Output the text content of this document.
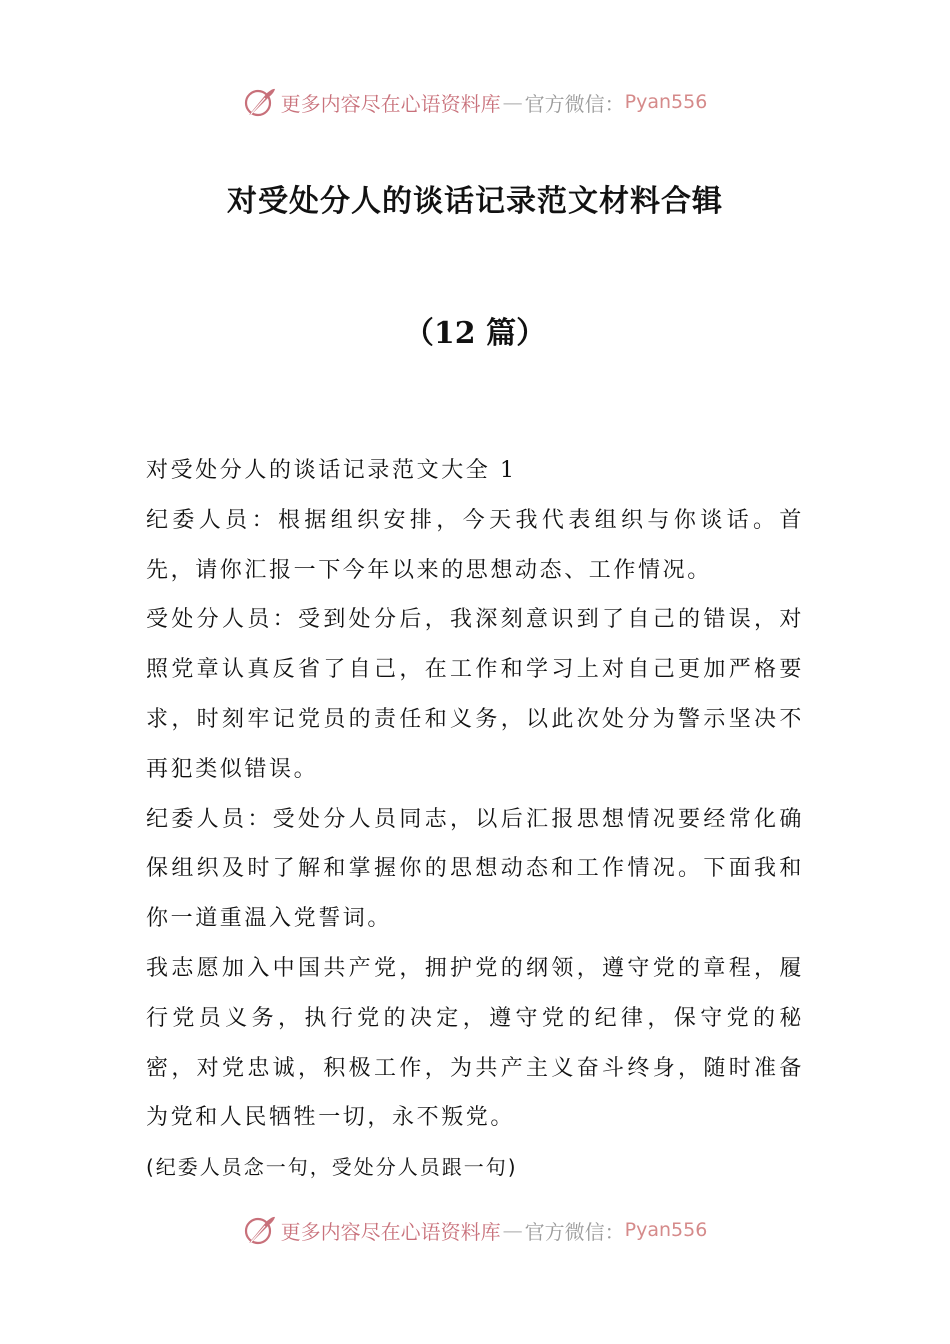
更多内容尽在心语资料库 — 官方微信： Pyan556
对受处分人的谈话记录范文材料合辑
（12 篇）

对受处分人的谈话记录范文大全 1

纪委人员：根据组织安排，今天我代表组织与你谈话。首先，请你汇报一下今年以来的思想动态、工作情况。

受处分人员：受到处分后，我深刻意识到了自己的错误，对照党章认真反省了自己，在工作和学习上对自己更加严格要求，时刻牢记党员的责任和义务，以此次处分为警示坚决不再犯类似错误。

纪委人员：受处分人员同志，以后汇报思想情况要经常化确保组织及时了解和掌握你的思想动态和工作情况。下面我和你一道重温入党誓词。

我志愿加入中国共产党，拥护党的纲领，遵守党的章程，履行党员义务，执行党的决定，遵守党的纪律，保守党的秘密，对党忠诚，积极工作，为共产主义奋斗终身，随时准备为党和人民牺牲一切，永不叛党。

(纪委人员念一句，受处分人员跟一句)

更多内容尽在心语资料库 — 官方微信： Pyan556
